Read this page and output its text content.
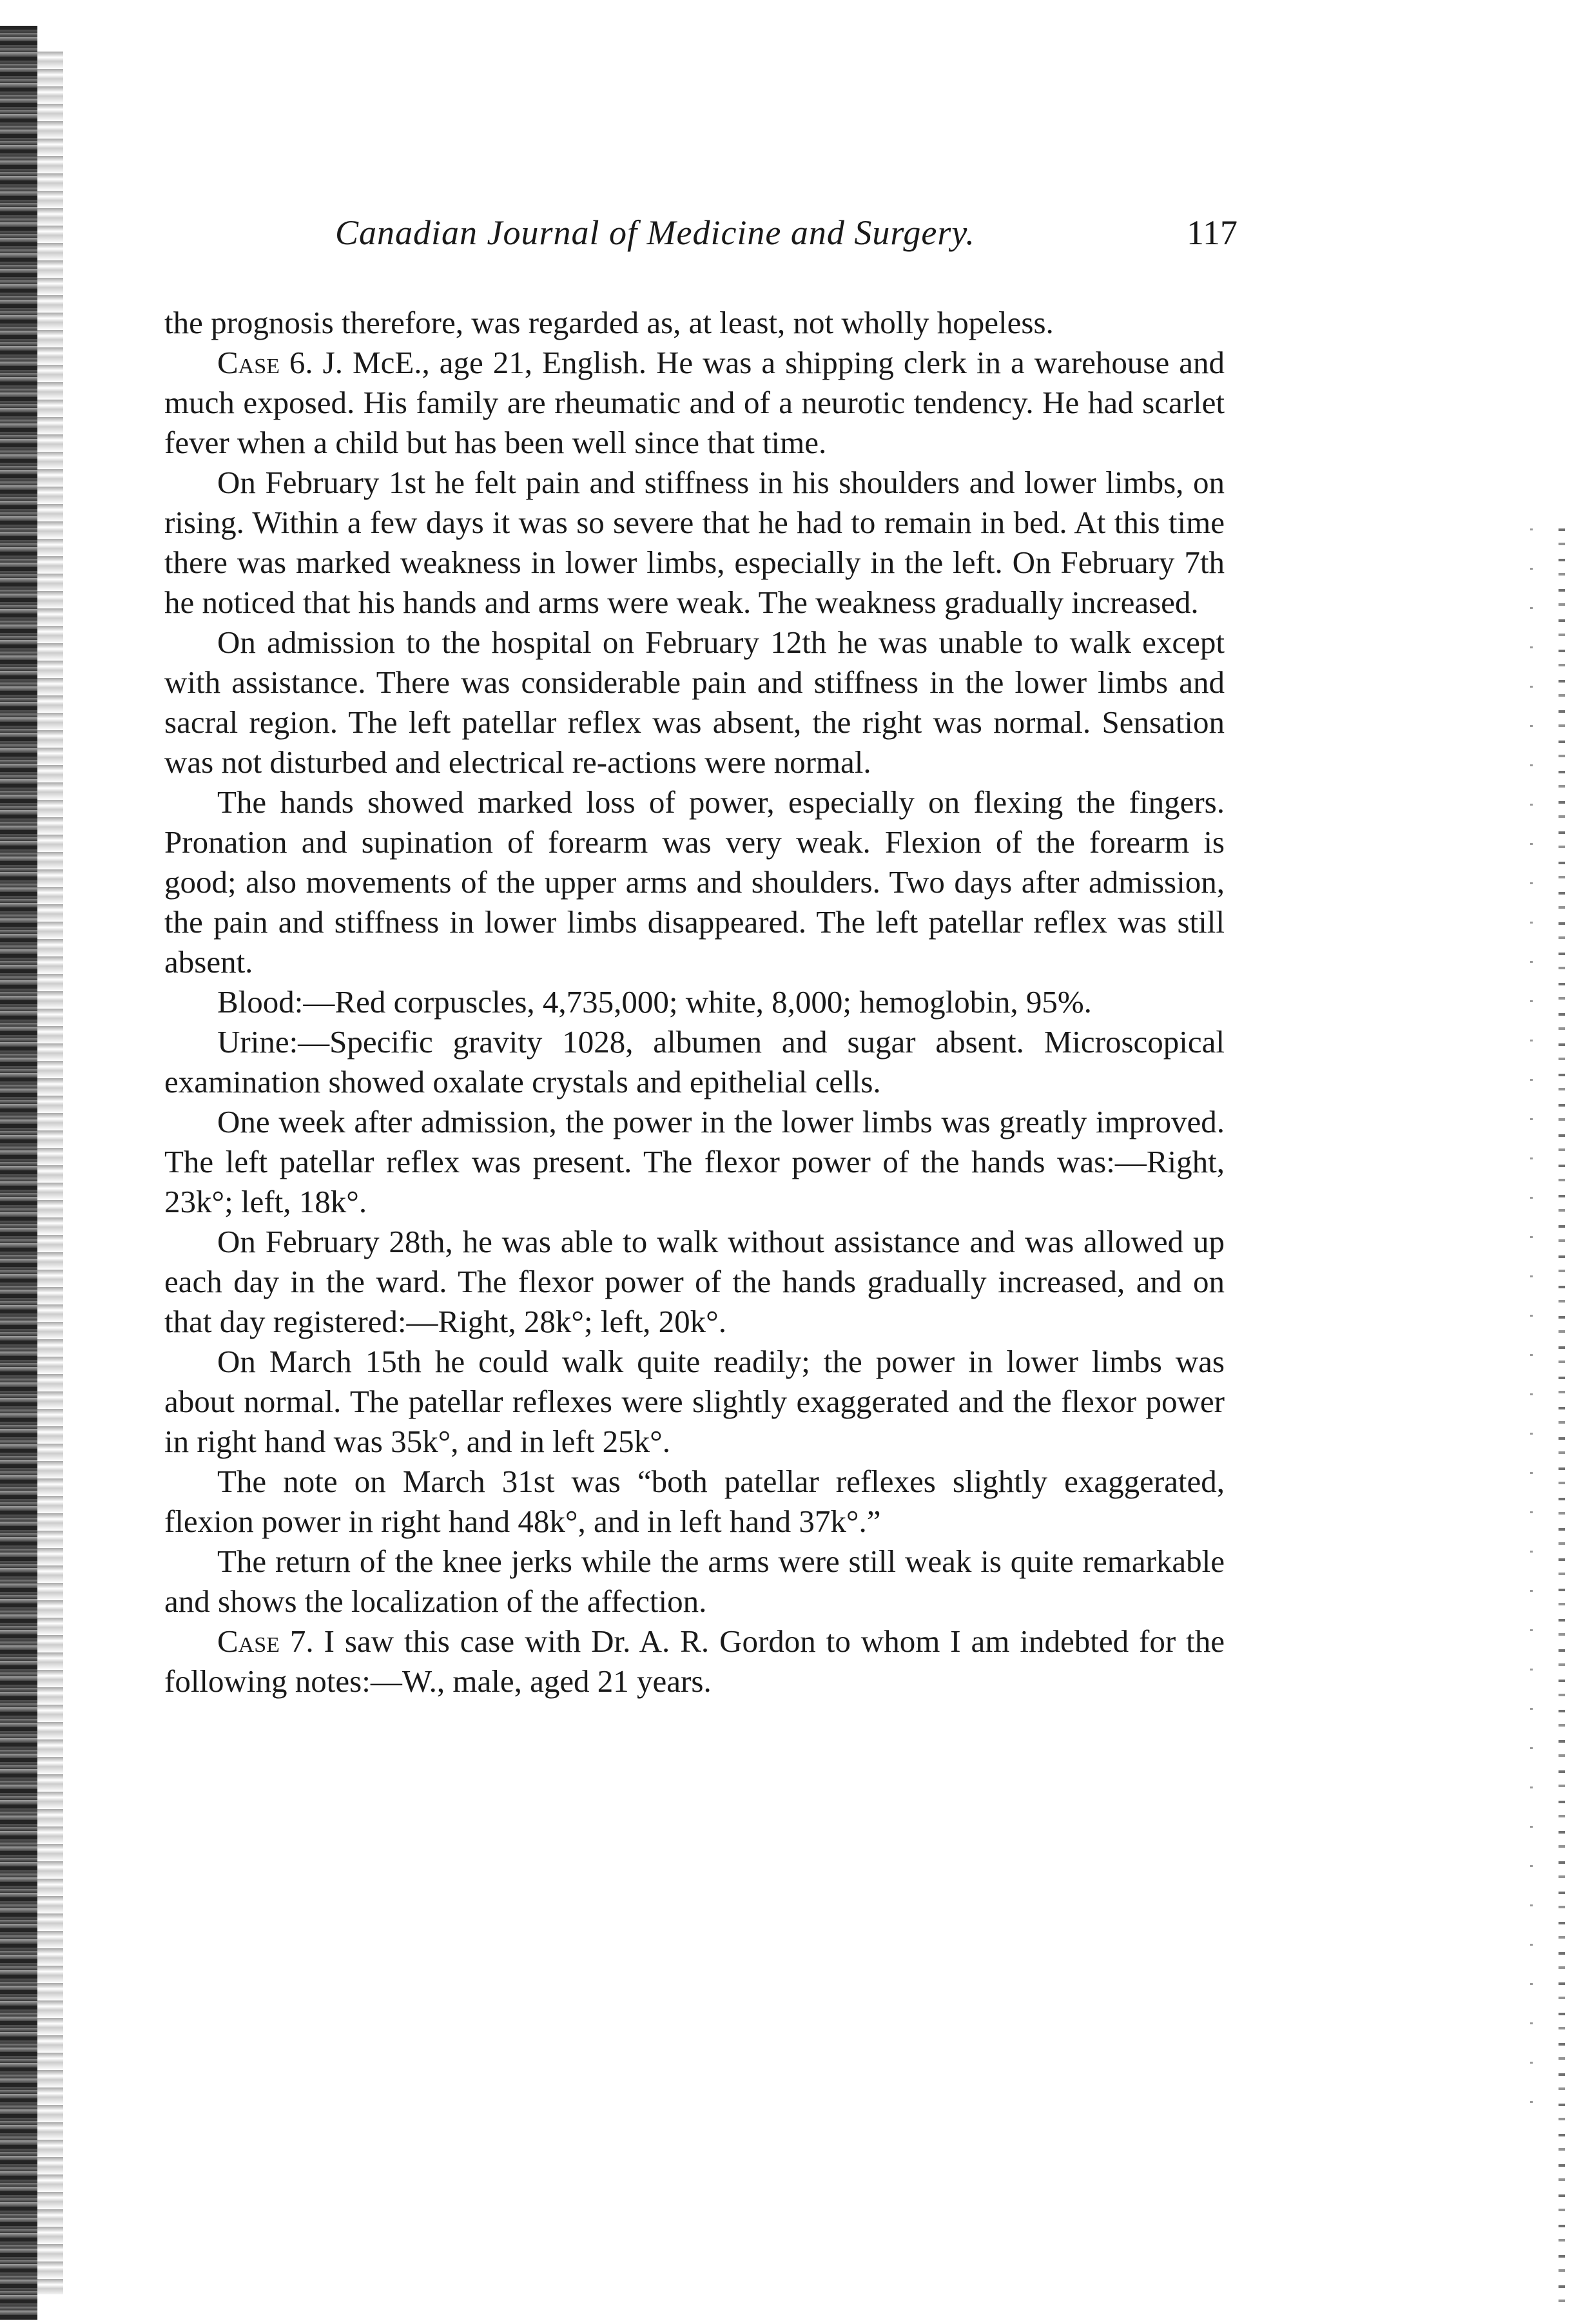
Canadian Journal of Medicine and Surgery.	117

the prognosis therefore, was regarded as, at least, not wholly hopeless.

Case 6. J. McE., age 21, English. He was a shipping clerk in a warehouse and much exposed. His family are rheumatic and of a neurotic tendency. He had scarlet fever when a child but has been well since that time.

On February 1st he felt pain and stiffness in his shoulders and lower limbs, on rising. Within a few days it was so severe that he had to remain in bed. At this time there was marked weakness in lower limbs, especially in the left. On February 7th he noticed that his hands and arms were weak. The weakness gradually increased.

On admission to the hospital on February 12th he was unable to walk except with assistance. There was considerable pain and stiffness in the lower limbs and sacral region. The left patellar reflex was absent, the right was normal. Sensation was not disturbed and electrical re-actions were normal.

The hands showed marked loss of power, especially on flexing the fingers. Pronation and supination of forearm was very weak. Flexion of the forearm is good; also movements of the upper arms and shoulders. Two days after admission, the pain and stiffness in lower limbs disappeared. The left patellar reflex was still absent.

Blood:—Red corpuscles, 4,735,000; white, 8,000; hemoglobin, 95%.

Urine:—Specific gravity 1028, albumen and sugar absent. Microscopical examination showed oxalate crystals and epithelial cells.

One week after admission, the power in the lower limbs was greatly improved. The left patellar reflex was present. The flexor power of the hands was:—Right, 23k°; left, 18k°.

On February 28th, he was able to walk without assistance and was allowed up each day in the ward. The flexor power of the hands gradually increased, and on that day registered:—Right, 28k°; left, 20k°.

On March 15th he could walk quite readily; the power in lower limbs was about normal. The patellar reflexes were slightly exaggerated and the flexor power in right hand was 35k°, and in left 25k°.

The note on March 31st was “both patellar reflexes slightly exaggerated, flexion power in right hand 48k°, and in left hand 37k°.”

The return of the knee jerks while the arms were still weak is quite remarkable and shows the localization of the affection.

Case 7. I saw this case with Dr. A. R. Gordon to whom I am indebted for the following notes:—W., male, aged 21 years.
